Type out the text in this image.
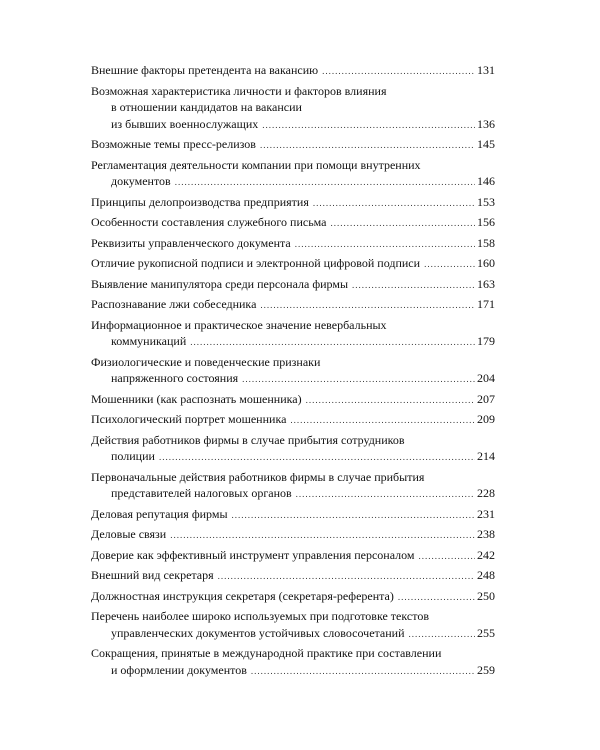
Внешние факторы претендента на вакансию .....	131
Возможная характеристика личности и факторов влияния
в отношении кандидатов на вакансии
из бывших военнослужащих .....	136
Возможные темы пресс-релизов .....	145
Регламентация деятельности компании при помощи внутренних
документов .....	146
Принципы делопроизводства предприятия .....	153
Особенности составления служебного письма .....	156
Реквизиты управленческого документа .....	158
Отличие рукописной подписи и электронной цифровой подписи .....	160
Выявление манипулятора среди персонала фирмы .....	163
Распознавание лжи собеседника .....	171
Информационное и практическое значение невербальных
коммуникаций .....	179
Физиологические и поведенческие признаки
напряженного состояния .....	204
Мошенники (как распознать мошенника) .....	207
Психологический портрет мошенника .....	209
Действия работников фирмы в случае прибытия сотрудников
полиции .....	214
Первоначальные действия работников фирмы в случае прибытия
представителей налоговых органов .....	228
Деловая репутация фирмы .....	231
Деловые связи .....	238
Доверие как эффективный инструмент управления персоналом .....	242
Внешний вид секретаря .....	248
Должностная инструкция секретаря (секретаря-референта) .....	250
Перечень наиболее широко используемых при подготовке текстов
управленческих документов устойчивых словосочетаний .....	255
Сокращения, принятые в международной практике при составлении
и оформлении документов .....	259
